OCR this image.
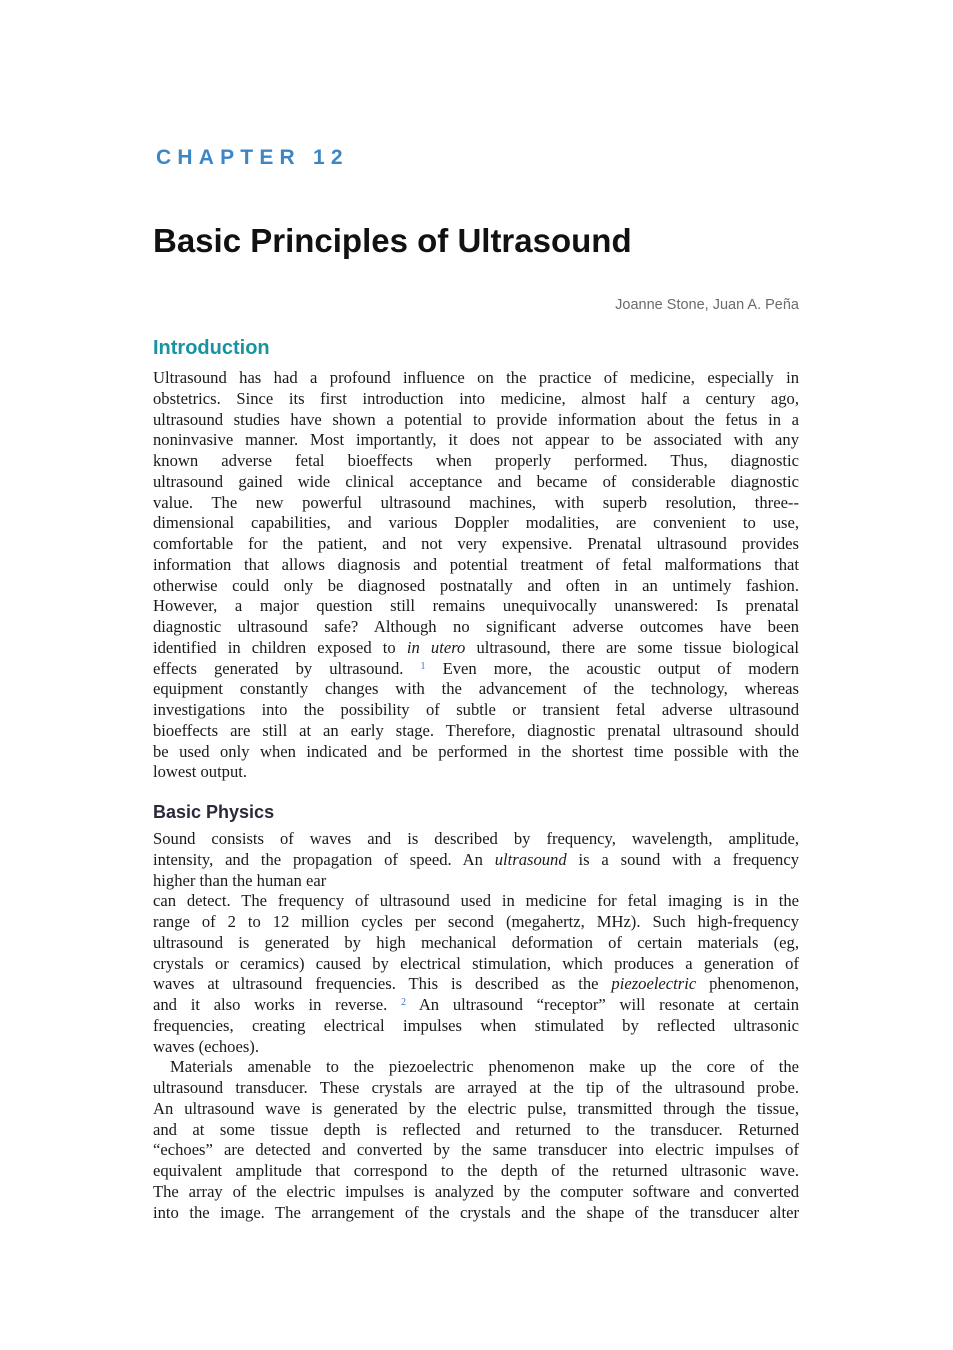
CHAPTER 12

Basic Principles of Ultrasound

Joanne Stone, Juan A. Peña

Introduction
Ultrasound has had a profound influence on the practice of medicine, especially in
obstetrics. Since its first introduction into medicine, almost half a century ago,
ultrasound studies have shown a potential to provide information about the fetus in a
noninvasive manner. Most importantly, it does not appear to be associated with any
known adverse fetal bioeffects when properly performed. Thus, diagnostic
ultrasound gained wide clinical acceptance and became of considerable diagnostic
value. The new powerful ultrasound machines, with superb resolution, three--
dimensional capabilities, and various Doppler modalities, are convenient to use,
comfortable for the patient, and not very expensive. Prenatal ultrasound provides
information that allows diagnosis and potential treatment of fetal malformations that
otherwise could only be diagnosed postnatally and often in an untimely fashion.
However, a major question still remains unequivocally unanswered: Is prenatal
diagnostic ultrasound safe? Although no significant adverse outcomes have been
identified in children exposed to in utero ultrasound, there are some tissue biological
effects generated by ultrasound. $^1$ Even more, the acoustic output of modern
equipment constantly changes with the advancement of the technology, whereas
investigations into the possibility of subtle or transient fetal adverse ultrasound
bioeffects are still at an early stage. Therefore, diagnostic prenatal ultrasound should
be used only when indicated and be performed in the shortest time possible with the
lowest output.
Basic Physics
Sound consists of waves and is described by frequency, wavelength, amplitude,
intensity, and the propagation of speed. An ultrasound is a sound with a frequency
higher than the human ear
can detect. The frequency of ultrasound used in medicine for fetal imaging is in the
range of 2 to 12 million cycles per second (megahertz, MHz). Such high-frequency
ultrasound is generated by high mechanical deformation of certain materials (eg,
crystals or ceramics) caused by electrical stimulation, which produces a generation of
waves at ultrasound frequencies. This is described as the piezoelectric phenomenon,
and it also works in reverse. $^2$ An ultrasound “receptor” will resonate at certain
frequencies, creating electrical impulses when stimulated by reflected ultrasonic
waves (echoes).
Materials amenable to the piezoelectric phenomenon make up the core of the
ultrasound transducer. These crystals are arrayed at the tip of the ultrasound probe.
An ultrasound wave is generated by the electric pulse, transmitted through the tissue,
and at some tissue depth is reflected and returned to the transducer. Returned
“echoes” are detected and converted by the same transducer into electric impulses of
equivalent amplitude that correspond to the depth of the returned ultrasonic wave.
The array of the electric impulses is analyzed by the computer software and converted
into the image. The arrangement of the crystals and the shape of the transducer alter
